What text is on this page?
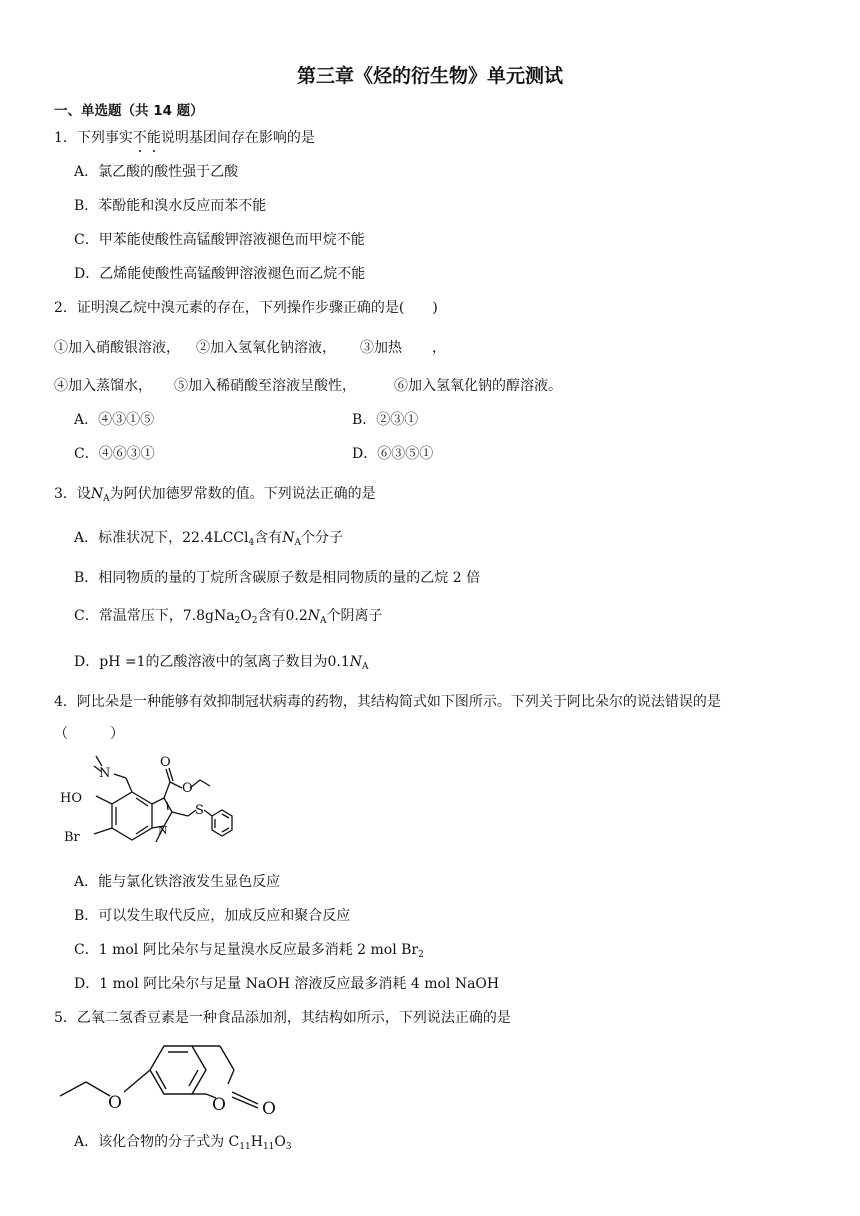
第三章《烃的衍生物》单元测试
一、单选题（共 14 题）
1．下列事实不
能
说明基团间存在影响的是
A．氯乙酸的酸性强于乙酸
B．苯酚能和溴水反应而苯不能
C．甲苯能使酸性高锰酸钾溶液褪色而甲烷不能
D．乙烯能使酸性高锰酸钾溶液褪色而乙烷不能
2．证明溴乙烷中溴元素的存在，下列操作步骤正确的是(　　)
①加入硝酸银溶液， ②加入氢氧化钠溶液， ③加热 ，
④加入蒸馏水， ⑤加入稀硝酸至溶液呈酸性，	⑥加入氢氧化钠的醇溶液。
A．④③①⑤	B．②③①
C．④⑥③①	D．⑥③⑤①
3．设$N_A$为阿伏加德罗常数的值。下列说法正确的是
A．标准状况下，22.4LCCl$_4$含有$N_A$个分子
B．相同物质的量的丁烷所含碳原子数是相同物质的量的乙烷 2 倍
C．常温常压下，$7.8gNa_2O_2$含有$0.2N_A$个阴离子
D．pH =1的乙酸溶液中的氢离子数目为$0.1N_A$
4．阿比朵是一种能够有效抑制冠状病毒的药物，其结构简式如下图所示。下列关于阿比朵尔的说法错误的是
（　　　）
N
HO
Br	N
O
O
S
A．能与氯化铁溶液发生显色反应
B．可以发生取代反应，加成反应和聚合反应
C．1 mol 阿比朵尔与足量溴水反应最多消耗 2 mol $Br_2$
D．1 mol 阿比朵尔与足量 NaOH 溶液反应最多消耗 4 mol NaOH
5．乙氧二氢香豆素是一种食品添加剂，其结构如所示，下列说法正确的是
O	O O
A．该化合物的分子式为 $C_{11}H_{11}O_3$
